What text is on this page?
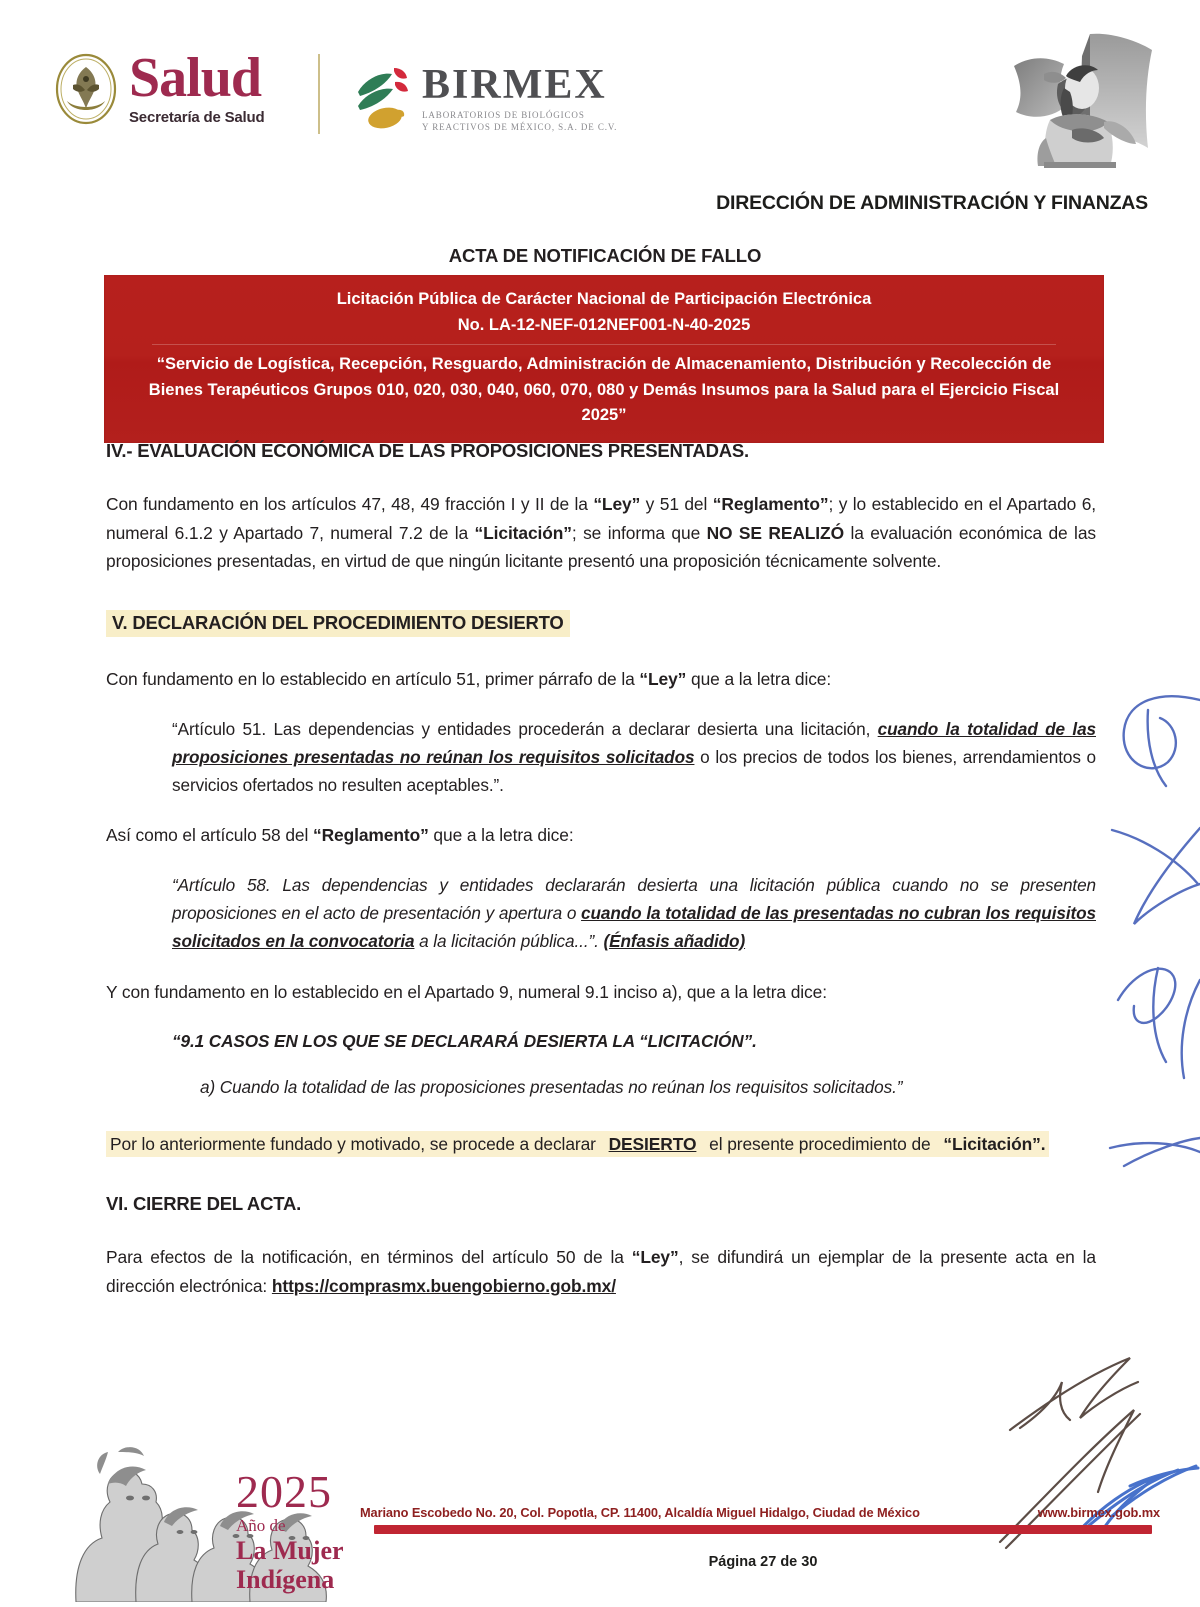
Salud
Secretaría de Salud
BIRMEX
LABORATORIOS DE BIOLÓGICOS
Y REACTIVOS DE MÉXICO, S.A. DE C.V.
DIRECCIÓN DE ADMINISTRACIÓN Y FINANZAS
ACTA DE NOTIFICACIÓN DE FALLO
Licitación Pública de Carácter Nacional de Participación Electrónica
No. LA-12-NEF-012NEF001-N-40-2025
“Servicio de Logística, Recepción, Resguardo, Administración de Almacenamiento, Distribución y Recolección de Bienes Terapéuticos Grupos 010, 020, 030, 040, 060, 070, 080 y Demás Insumos para la Salud para el Ejercicio Fiscal 2025”
IV.- EVALUACIÓN ECONÓMICA DE LAS PROPOSICIONES PRESENTADAS.

Con fundamento en los artículos 47, 48, 49 fracción I y II de la “Ley” y 51 del “Reglamento”; y lo establecido en el Apartado 6, numeral 6.1.2 y Apartado 7, numeral 7.2 de la “Licitación”; se informa que NO SE REALIZÓ la evaluación económica de las proposiciones presentadas, en virtud de que ningún licitante presentó una proposición técnicamente solvente.

V. DECLARACIÓN DEL PROCEDIMIENTO DESIERTO

Con fundamento en lo establecido en artículo 51, primer párrafo de la “Ley” que a la letra dice:

“Artículo 51. Las dependencias y entidades procederán a declarar desierta una licitación, cuando la totalidad de las proposiciones presentadas no reúnan los requisitos solicitados o los precios de todos los bienes, arrendamientos o servicios ofertados no resulten aceptables.”.

Así como el artículo 58 del “Reglamento” que a la letra dice:

“Artículo 58. Las dependencias y entidades declararán desierta una licitación pública cuando no se presenten proposiciones en el acto de presentación y apertura o cuando la totalidad de las presentadas no cubran los requisitos solicitados en la convocatoria a la licitación pública...”. (Énfasis añadido)

Y con fundamento en lo establecido en el Apartado 9, numeral 9.1 inciso a), que a la letra dice:

“9.1 CASOS EN LOS QUE SE DECLARARÁ DESIERTA LA “LICITACIÓN”.

a) Cuando la totalidad de las proposiciones presentadas no reúnan los requisitos solicitados.”

Por lo anteriormente fundado y motivado, se procede a declarar DESIERTO el presente procedimiento de “Licitación”.

VI. CIERRE DEL ACTA.

Para efectos de la notificación, en términos del artículo 50 de la “Ley”, se difundirá un ejemplar de la presente acta en la dirección electrónica: https://comprasmx.buengobierno.gob.mx/

2025
Año de
La Mujer
Indígena
Mariano Escobedo No. 20, Col. Popotla, CP. 11400, Alcaldía Miguel Hidalgo, Ciudad de México	www.birmex.gob.mx
Página 27 de 30
